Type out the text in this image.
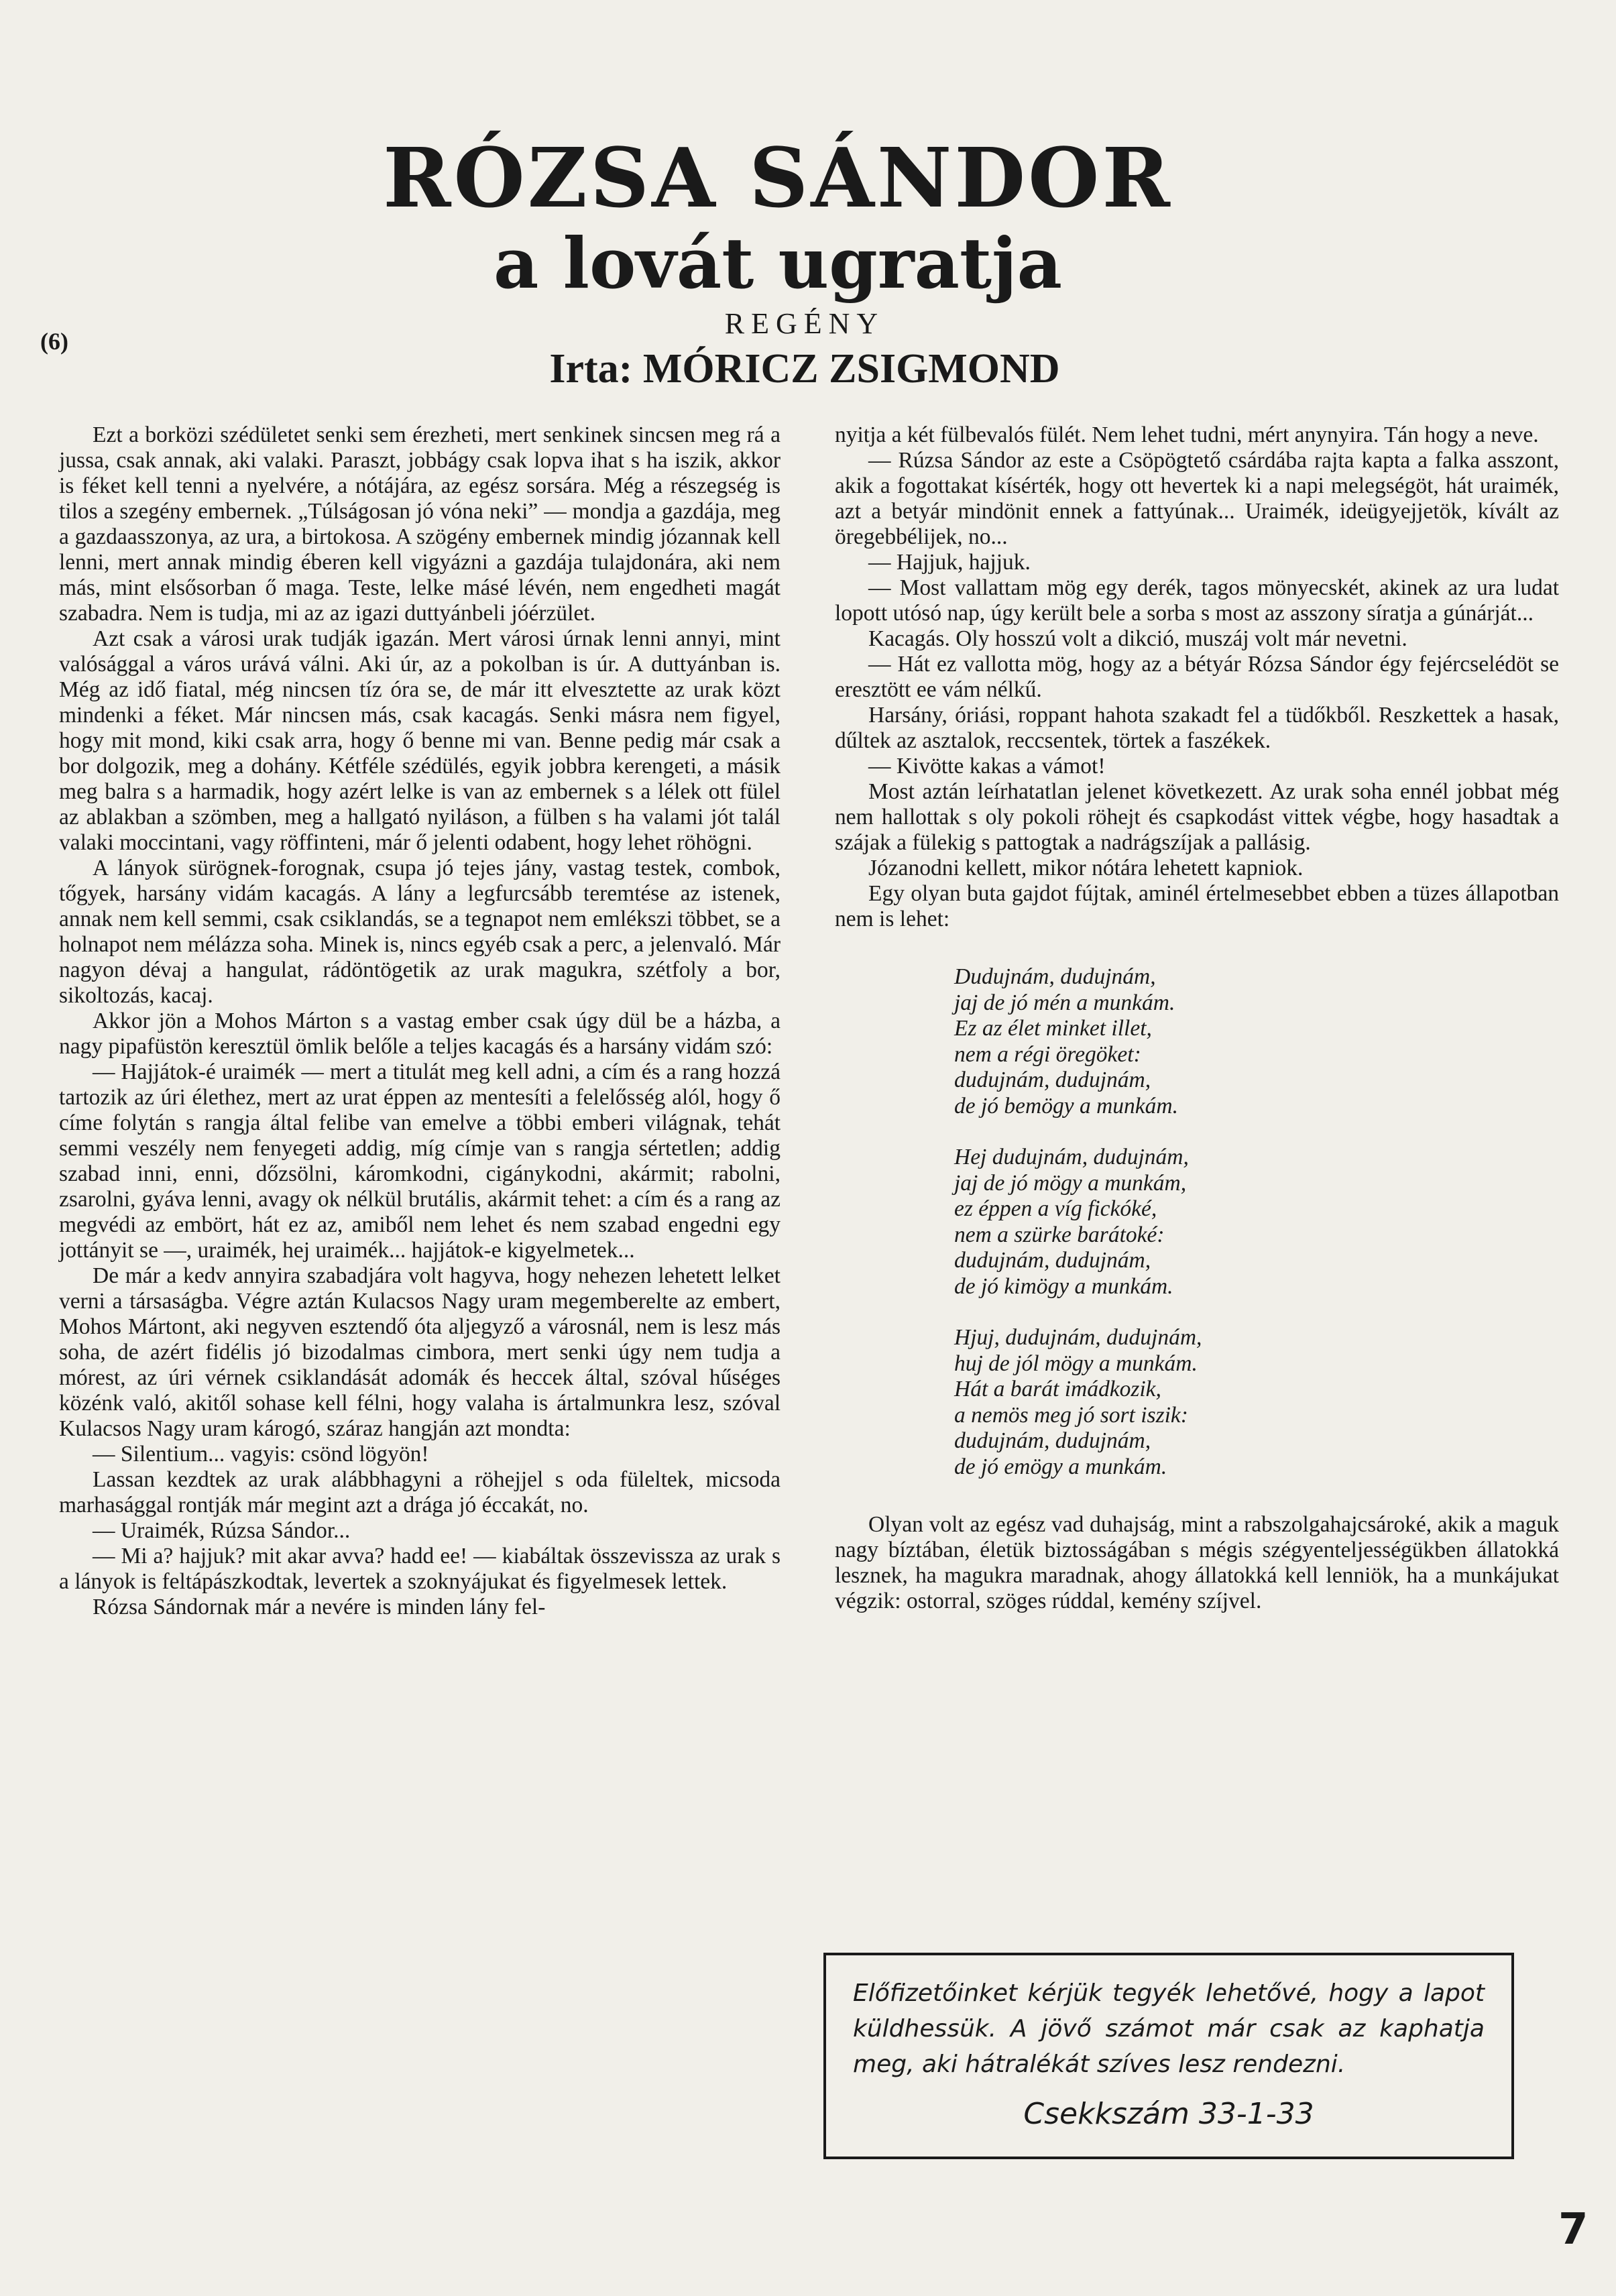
(6)
RÓZSA SÁNDOR
a lovát ugratja
REGÉNY
Irta: MÓRICZ ZSIGMOND

Ezt a borközi szédületet senki sem érezheti, mert senkinek sincsen meg rá a jussa, csak annak, aki valaki. Paraszt, jobbágy csak lopva ihat s ha iszik, akkor is féket kell tenni a nyelvére, a nótájára, az egész sorsára. Még a részegség is tilos a szegény embernek. „Túlságosan jó vóna neki” — mondja a gazdája, meg a gazdaasszonya, az ura, a birtokosa. A szögény embernek mindig józannak kell lenni, mert annak mindig éberen kell vigyázni a gazdája tulajdonára, aki nem más, mint elsősorban ő maga. Teste, lelke másé lévén, nem engedheti magát szabadra. Nem is tudja, mi az az igazi duttyánbeli jóérzület.

Azt csak a városi urak tudják igazán. Mert városi úrnak lenni annyi, mint valósággal a város urává válni. Aki úr, az a pokolban is úr. A duttyánban is. Még az idő fiatal, még nincsen tíz óra se, de már itt elvesztette az urak közt mindenki a féket. Már nincsen más, csak kacagás. Senki másra nem figyel, hogy mit mond, kiki csak arra, hogy ő benne mi van. Benne pedig már csak a bor dolgozik, meg a dohány. Kétféle szédülés, egyik jobbra kerengeti, a másik meg balra s a harmadik, hogy azért lelke is van az embernek s a lélek ott fülel az ablakban a szömben, meg a hallgató nyiláson, a fülben s ha valami jót talál valaki moccintani, vagy röffinteni, már ő jelenti odabent, hogy lehet röhögni.

A lányok sürögnek-forognak, csupa jó tejes jány, vastag testek, combok, tőgyek, harsány vidám kacagás. A lány a legfurcsább teremtése az istenek, annak nem kell semmi, csak csiklandás, se a tegnapot nem emlékszi többet, se a holnapot nem mélázza soha. Minek is, nincs egyéb csak a perc, a jelenvaló. Már nagyon dévaj a hangulat, rádöntögetik az urak magukra, szétfoly a bor, sikoltozás, kacaj.

Akkor jön a Mohos Márton s a vastag ember csak úgy dül be a házba, a nagy pipafüstön keresztül ömlik belőle a teljes kacagás és a harsány vidám szó:

— Hajjátok-é uraimék — mert a titulát meg kell adni, a cím és a rang hozzá tartozik az úri élethez, mert az urat éppen az mentesíti a felelősség alól, hogy ő címe folytán s rangja által felibe van emelve a többi emberi világnak, tehát semmi veszély nem fenyegeti addig, míg címje van s rangja sértetlen; addig szabad inni, enni, dőzsölni, káromkodni, cigánykodni, akármit; rabolni, zsarolni, gyáva lenni, avagy ok nélkül brutális, akármit tehet: a cím és a rang az megvédi az embört, hát ez az, amiből nem lehet és nem szabad engedni egy jottányit se —, uraimék, hej uraimék... hajjátok-e kigyelmetek...

De már a kedv annyira szabadjára volt hagyva, hogy nehezen lehetett lelket verni a társaságba. Végre aztán Kulacsos Nagy uram megemberelte az embert, Mohos Mártont, aki negyven esztendő óta aljegyző a városnál, nem is lesz más soha, de azért fidélis jó bizodalmas cimbora, mert senki úgy nem tudja a mórest, az úri vérnek csiklandását adomák és heccek által, szóval hűséges közénk való, akitől sohase kell félni, hogy valaha is ártalmunkra lesz, szóval Kulacsos Nagy uram károgó, száraz hangján azt mondta:

— Silentium... vagyis: csönd lögyön!

Lassan kezdtek az urak alábbhagyni a röhejjel s oda füleltek, micsoda marhasággal rontják már megint azt a drága jó éccakát, no.

— Uraimék, Rúzsa Sándor...

— Mi a? hajjuk? mit akar avva? hadd ee! — kiabáltak összevissza az urak s a lányok is feltápászkodtak, levertek a szoknyájukat és figyelmesek lettek.

Rózsa Sándornak már a nevére is minden lány fel-

nyitja a két fülbevalós fülét. Nem lehet tudni, mért anynyira. Tán hogy a neve.

— Rúzsa Sándor az este a Csöpögtető csárdába rajta kapta a falka asszont, akik a fogottakat kísérték, hogy ott hevertek ki a napi melegségöt, hát uraimék, azt a betyár mindönit ennek a fattyúnak... Uraimék, ideügyejjetök, kívált az öregebbélijek, no...

— Hajjuk, hajjuk.

— Most vallattam mög egy derék, tagos mönyecskét, akinek az ura ludat lopott utósó nap, úgy került bele a sorba s most az asszony síratja a gúnárját...

Kacagás. Oly hosszú volt a dikció, muszáj volt már nevetni.

— Hát ez vallotta mög, hogy az a bétyár Rózsa Sándor égy fejércselédöt se eresztött ee vám nélkű.

Harsány, óriási, roppant hahota szakadt fel a tüdőkből. Reszkettek a hasak, dűltek az asztalok, reccsentek, törtek a faszékek.

— Kivötte kakas a vámot!

Most aztán leírhatatlan jelenet következett. Az urak soha ennél jobbat még nem hallottak s oly pokoli röhejt és csapkodást vittek végbe, hogy hasadtak a szájak a fülekig s pattogtak a nadrágszíjak a pallásig.

Józanodni kellett, mikor nótára lehetett kapniok.

Egy olyan buta gajdot fújtak, aminél értelmesebbet ebben a tüzes állapotban nem is lehet:

Dudujnám, dudujnám,
jaj de jó mén a munkám.
Ez az élet minket illet,
nem a régi öregöket:
dudujnám, dudujnám,
de jó bemögy a munkám.
Hej dudujnám, dudujnám,
jaj de jó mögy a munkám,
ez éppen a víg fickóké,
nem a szürke barátoké:
dudujnám, dudujnám,
de jó kimögy a munkám.
Hjuj, dudujnám, dudujnám,
huj de jól mögy a munkám.
Hát a barát imádkozik,
a nemös meg jó sort iszik:
dudujnám, dudujnám,
de jó emögy a munkám.

Olyan volt az egész vad duhajság, mint a rabszolgahajcsároké, akik a maguk nagy bíztában, életük biztosságában s mégis szégyenteljességükben állatokká lesznek, ha magukra maradnak, ahogy állatokká kell lenniök, ha a munkájukat végzik: ostorral, szöges rúddal, kemény szíjvel.

Előfizetőinket kérjük tegyék lehetővé, hogy a lapot küldhessük. A jövő számot már csak az kaphatja meg, aki hátralékát szíves lesz rendezni.
Csekkszám 33-1-33
7
